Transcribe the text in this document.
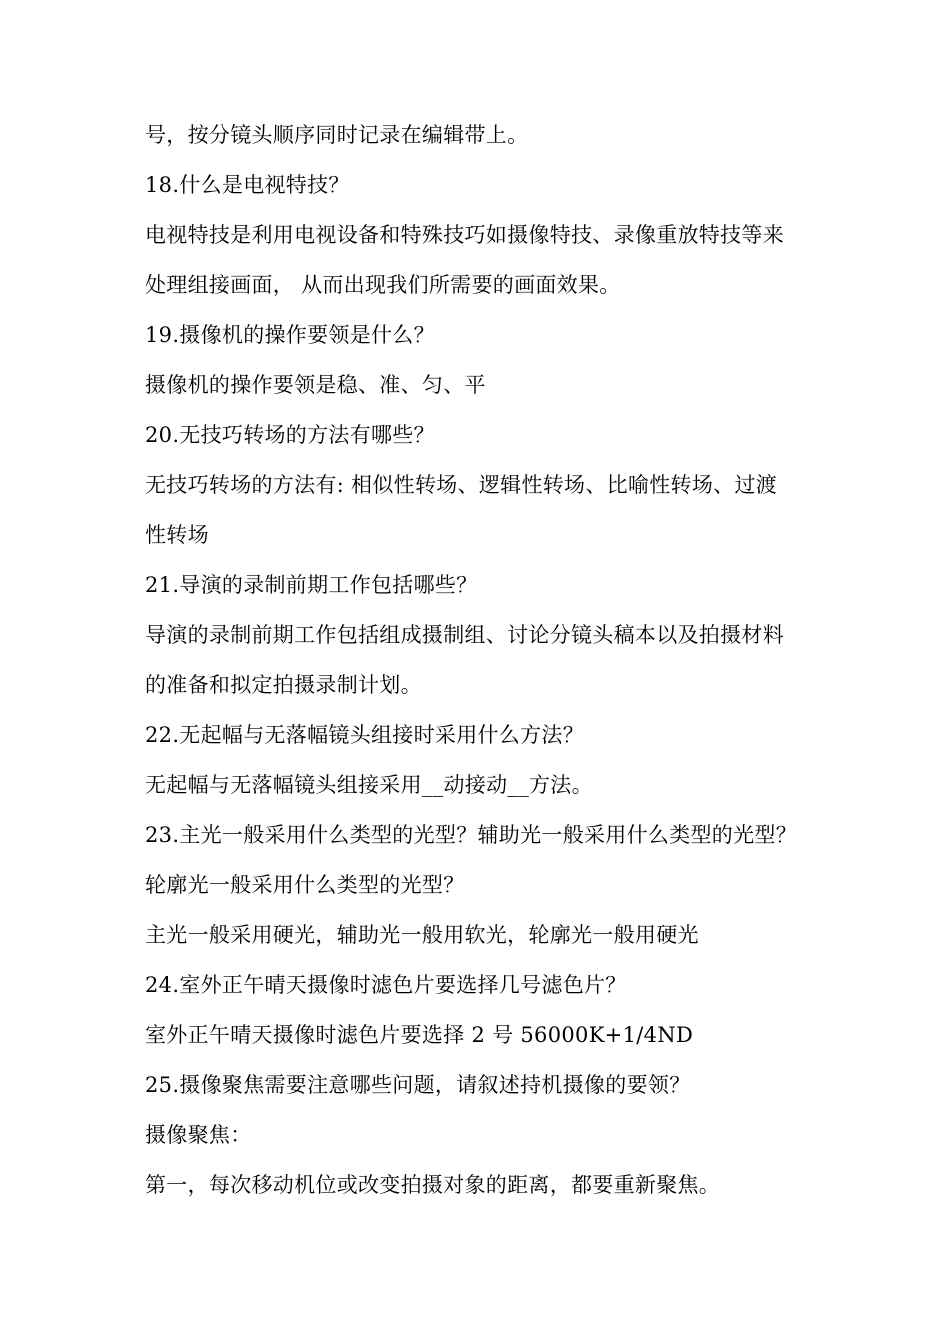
号，按分镜头顺序同时记录在编辑带上。
18.什么是电视特技？
电视特技是利用电视设备和特殊技巧如摄像特技、录像重放特技等来
处理组接画面， 从而出现我们所需要的画面效果。
19.摄像机的操作要领是什么？
摄像机的操作要领是稳、准、匀、平
20.无技巧转场的方法有哪些？
无技巧转场的方法有: 相似性转场、逻辑性转场、比喻性转场、过渡
性转场
21.导演的录制前期工作包括哪些？
导演的录制前期工作包括组成摄制组、讨论分镜头稿本以及拍摄材料
的准备和拟定拍摄录制计划。
22.无起幅与无落幅镜头组接时采用什么方法？
无起幅与无落幅镜头组接采用__动接动__方法。
23.主光一般采用什么类型的光型？辅助光一般采用什么类型的光型？
轮廓光一般采用什么类型的光型？
主光一般采用硬光，辅助光一般用软光，轮廓光一般用硬光
24.室外正午晴天摄像时滤色片要选择几号滤色片？
室外正午晴天摄像时滤色片要选择 2 号 56000K+1/4ND
25.摄像聚焦需要注意哪些问题，请叙述持机摄像的要领？
摄像聚焦：
第一，每次移动机位或改变拍摄对象的距离，都要重新聚焦。
